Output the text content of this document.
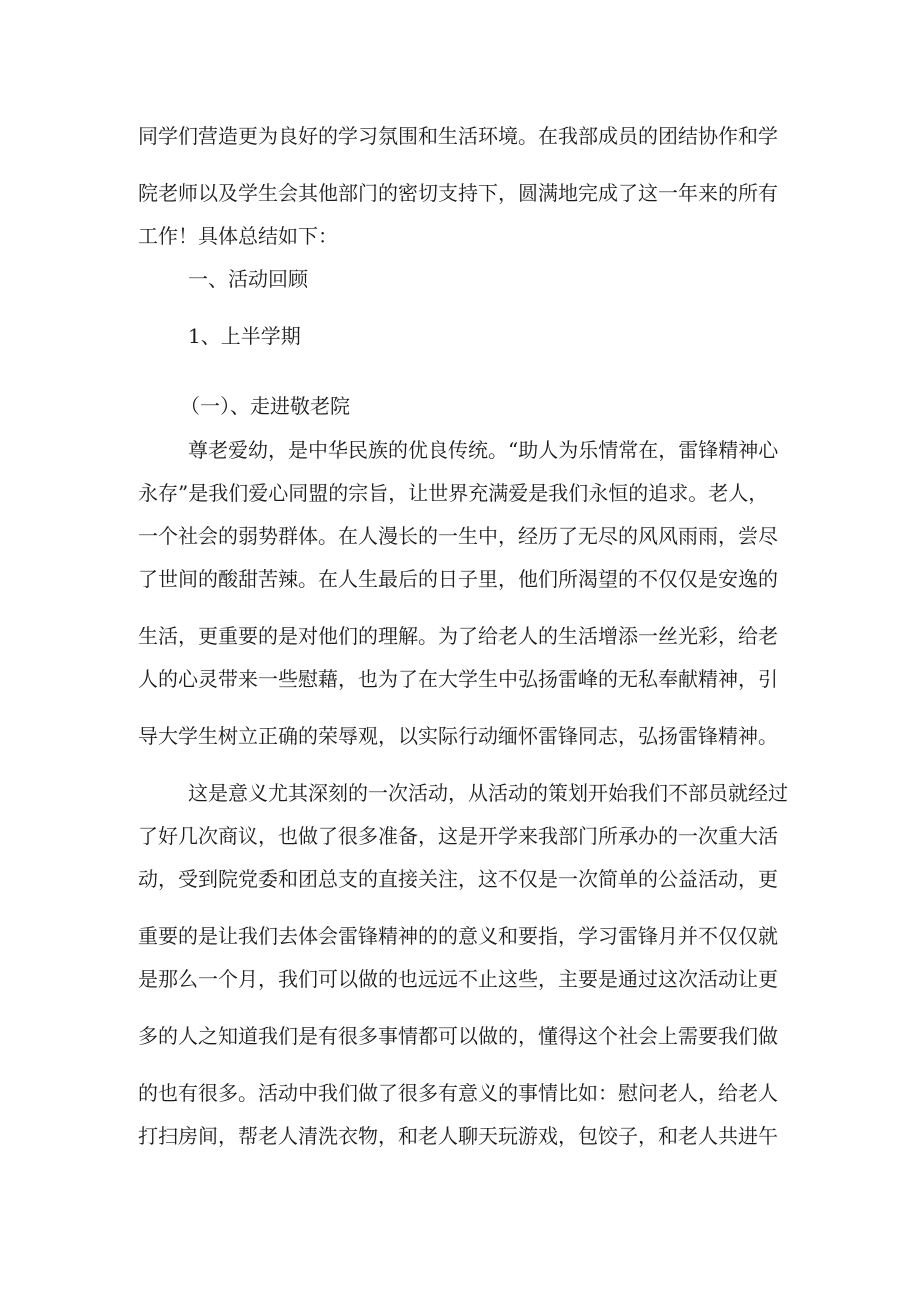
同学们营造更为良好的学习氛围和生活环境。在我部成员的团结协作和学

院老师以及学生会其他部门的密切支持下，圆满地完成了这一年来的所有

工作！具体总结如下：

一、活动回顾

1、上半学期

（一）、走进敬老院

尊老爱幼，是中华民族的优良传统。“助人为乐情常在，雷锋精神心

永存”是我们爱心同盟的宗旨，让世界充满爱是我们永恒的追求。老人，

一个社会的弱势群体。在人漫长的一生中，经历了无尽的风风雨雨，尝尽

了世间的酸甜苦辣。在人生最后的日子里，他们所渴望的不仅仅是安逸的

生活，更重要的是对他们的理解。为了给老人的生活增添一丝光彩，给老

人的心灵带来一些慰藉，也为了在大学生中弘扬雷峰的无私奉献精神，引

导大学生树立正确的荣辱观，以实际行动缅怀雷锋同志，弘扬雷锋精神。

这是意义尤其深刻的一次活动，从活动的策划开始我们不部员就经过

了好几次商议，也做了很多准备，这是开学来我部门所承办的一次重大活

动，受到院党委和团总支的直接关注，这不仅是一次简单的公益活动，更

重要的是让我们去体会雷锋精神的的意义和要指，学习雷锋月并不仅仅就

是那么一个月，我们可以做的也远远不止这些，主要是通过这次活动让更

多的人之知道我们是有很多事情都可以做的，懂得这个社会上需要我们做

的也有很多。活动中我们做了很多有意义的事情比如：慰问老人，给老人

打扫房间，帮老人清洗衣物，和老人聊天玩游戏，包饺子，和老人共进午
